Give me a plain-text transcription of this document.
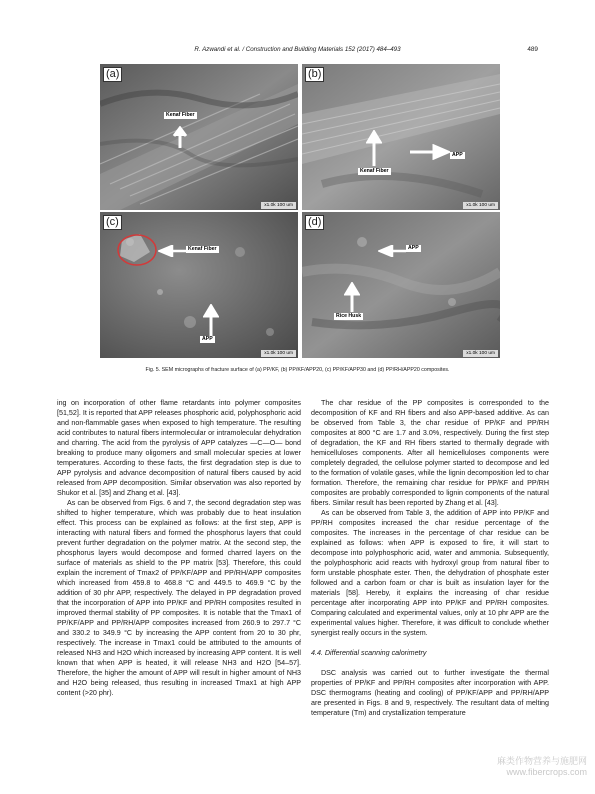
R. Azwandi et al. / Construction and Building Materials 152 (2017) 484–493	489
(a)
Kenaf Fiber
x1.0k 100 um
(b)
APP
Kenaf Fiber
x1.0k 100 um
(c)
Kenaf Fiber
APP
x1.0k 100 um
(d)
APP
Rice Husk
x1.0k 100 um
Fig. 5. SEM micrographs of fracture surface of (a) PP/KF, (b) PP/KF/APP20, (c) PP/KF/APP30 and (d) PP/RH/APP20 composites.

ing on incorporation of other flame retardants into polymer composites [51,52]. It is reported that APP releases phosphoric acid, polyphosphoric acid and non-flammable gases when exposed to high temperature. The resulting acid contributes to natural fibers intermolecular or intramolecular dehydration and charring. The acid from the pyrolysis of APP catalyzes —C—O— bond breaking to produce many oligomers and small molecular species at lower temperatures. According to these facts, the first degradation step is due to APP pyrolysis and advance decomposition of natural fibers caused by acid released from APP decomposition. Similar observation was also reported by Shukor et al. [35] and Zhang et al. [43].

As can be observed from Figs. 6 and 7, the second degradation step was shifted to higher temperature, which was probably due to heat insulation effect. This process can be explained as follows: at the first step, APP is interacting with natural fibers and formed the phosphorus layers that could prevent further degradation on the polymer matrix. At the second step, the phosphorus layers would decompose and formed charred layers on the surface of materials as shield to the PP matrix [53]. Therefore, this could explain the increment of Tmax2 of PP/KF/APP and PP/RH/APP composites which increased from 459.8 to 468.8 °C and 449.5 to 469.9 °C by the addition of 30 phr APP, respectively. The delayed in PP degradation proved that the incorporation of APP into PP/KF and PP/RH composites resulted in improved thermal stability of PP composites. It is notable that the Tmax1 of PP/KF/APP and PP/RH/APP composites increased from 260.9 to 297.7 °C and 330.2 to 349.9 °C by increasing the APP content from 20 to 30 phr, respectively. The increase in Tmax1 could be attributed to the amounts of released NH3 and H2O which increased by increasing APP content. It is well known that when APP is heated, it will release NH3 and H2O [54–57]. Therefore, the higher the amount of APP will result in higher amount of NH3 and H2O being released, thus resulting in increased Tmax1 at high APP content (>20 phr).

The char residue of the PP composites is corresponded to the decomposition of KF and RH fibers and also APP-based additive. As can be observed from Table 3, the char residue of PP/KF and PP/RH composites at 800 °C are 1.7 and 3.0%, respectively. During the first step of degradation, the KF and RH fibers started to thermally degrade with hemicelluloses components. After all hemicelluloses components were completely degraded, the cellulose polymer started to decompose and led to the formation of volatile gases, while the lignin decomposition led to char formation. Therefore, the remaining char residue for PP/KF and PP/RH composites are probably corresponded to lignin components of the natural fibers. Similar result has been reported by Zhang et al. [43].

As can be observed from Table 3, the addition of APP into PP/KF and PP/RH composites increased the char residue percentage of the composites. The increases in the percentage of char residue can be explained as follows: when APP is exposed to fire, it will start to decompose into polyphosphoric acid, water and ammonia. Subsequently, the polyphosphoric acid reacts with hydroxyl group from natural fiber to form unstable phosphate ester. Then, the dehydration of phosphate ester followed and a carbon foam or char is built as insulation layer for the materials [58]. Hereby, it explains the increasing of char residue percentage after incorporating APP into PP/KF and PP/RH composites. Comparing calculated and experimental values, only at 10 phr APP are the experimental values higher. Therefore, it was difficult to conclude whether synergist really occurs in the system.

4.4. Differential scanning calorimetry

DSC analysis was carried out to further investigate the thermal properties of PP/KF and PP/RH composites after incorporation with APP. DSC thermograms (heating and cooling) of PP/KF/APP and PP/RH/APP are presented in Figs. 8 and 9, respectively. The resultant data of melting temperature (Tm) and crystallization temperature

麻类作物营养与施肥网
www.fibercrops.com
